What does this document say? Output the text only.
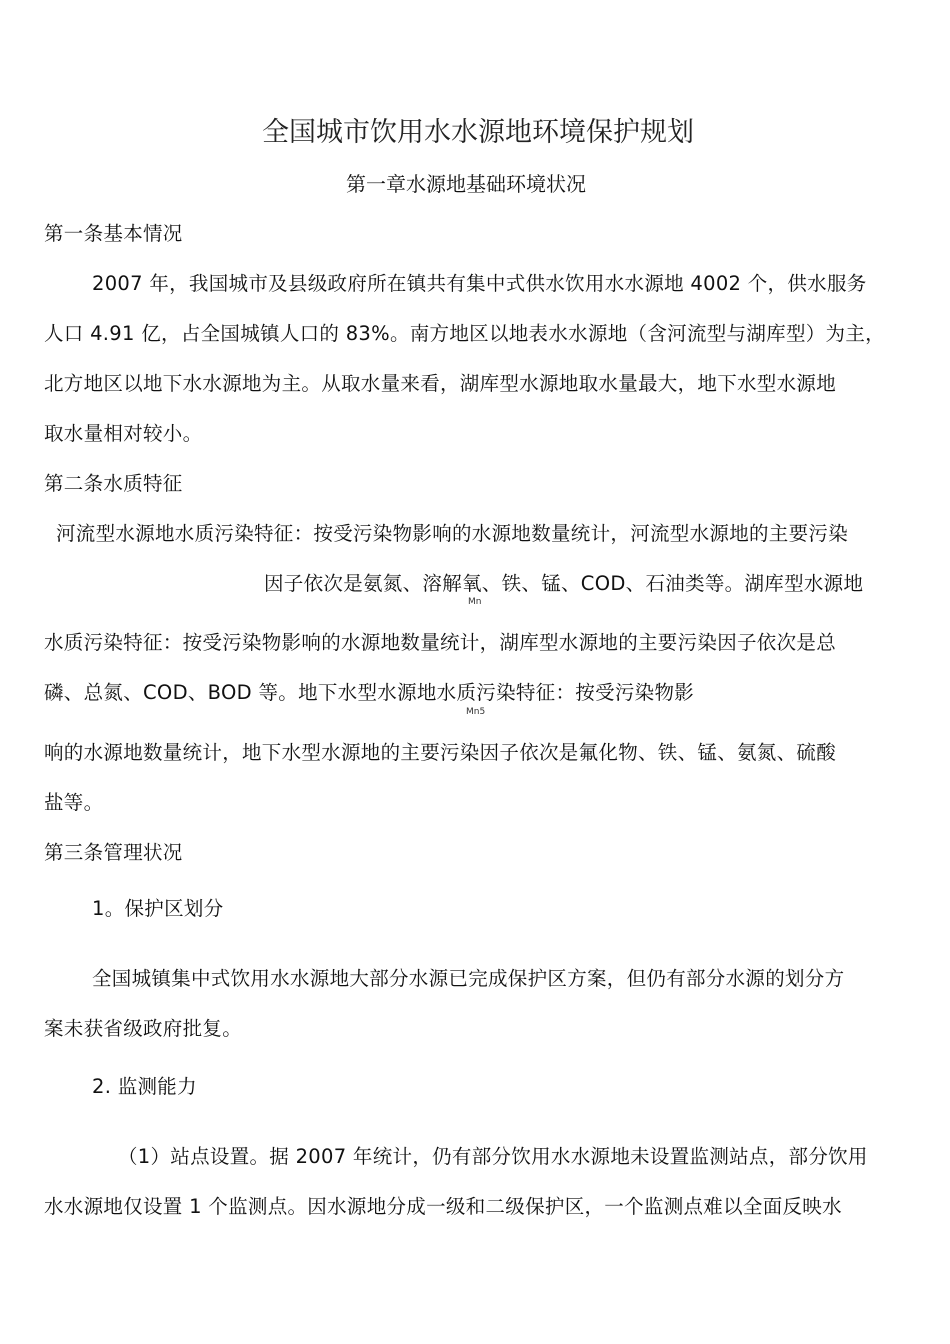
全国城市饮用水水源地环境保护规划
第一章水源地基础环境状况
第一条基本情况
2007 年，我国城市及县级政府所在镇共有集中式供水饮用水水源地 4002 个，供水服务
人口 4.91 亿，占全国城镇人口的 83%。南方地区以地表水水源地（含河流型与湖库型）为主，
北方地区以地下水水源地为主。从取水量来看，湖库型水源地取水量最大，地下水型水源地
取水量相对较小。
第二条水质特征
河流型水源地水质污染特征：按受污染物影响的水源地数量统计，河流型水源地的主要污染
因子依次是氨氮、溶解氧、铁、锰、COD、石油类等。湖库型水源地
Mn
水质污染特征：按受污染物影响的水源地数量统计，湖库型水源地的主要污染因子依次是总
磷、总氮、COD、BOD 等。地下水型水源地水质污染特征：按受污染物影
Mn5
响的水源地数量统计，地下水型水源地的主要污染因子依次是氟化物、铁、锰、氨氮、硫酸
盐等。
第三条管理状况
1。保护区划分
全国城镇集中式饮用水水源地大部分水源已完成保护区方案，但仍有部分水源的划分方
案未获省级政府批复。
2. 监测能力
（1）站点设置。据 2007 年统计，仍有部分饮用水水源地未设置监测站点，部分饮用
水水源地仅设置 1 个监测点。因水源地分成一级和二级保护区，一个监测点难以全面反映水
